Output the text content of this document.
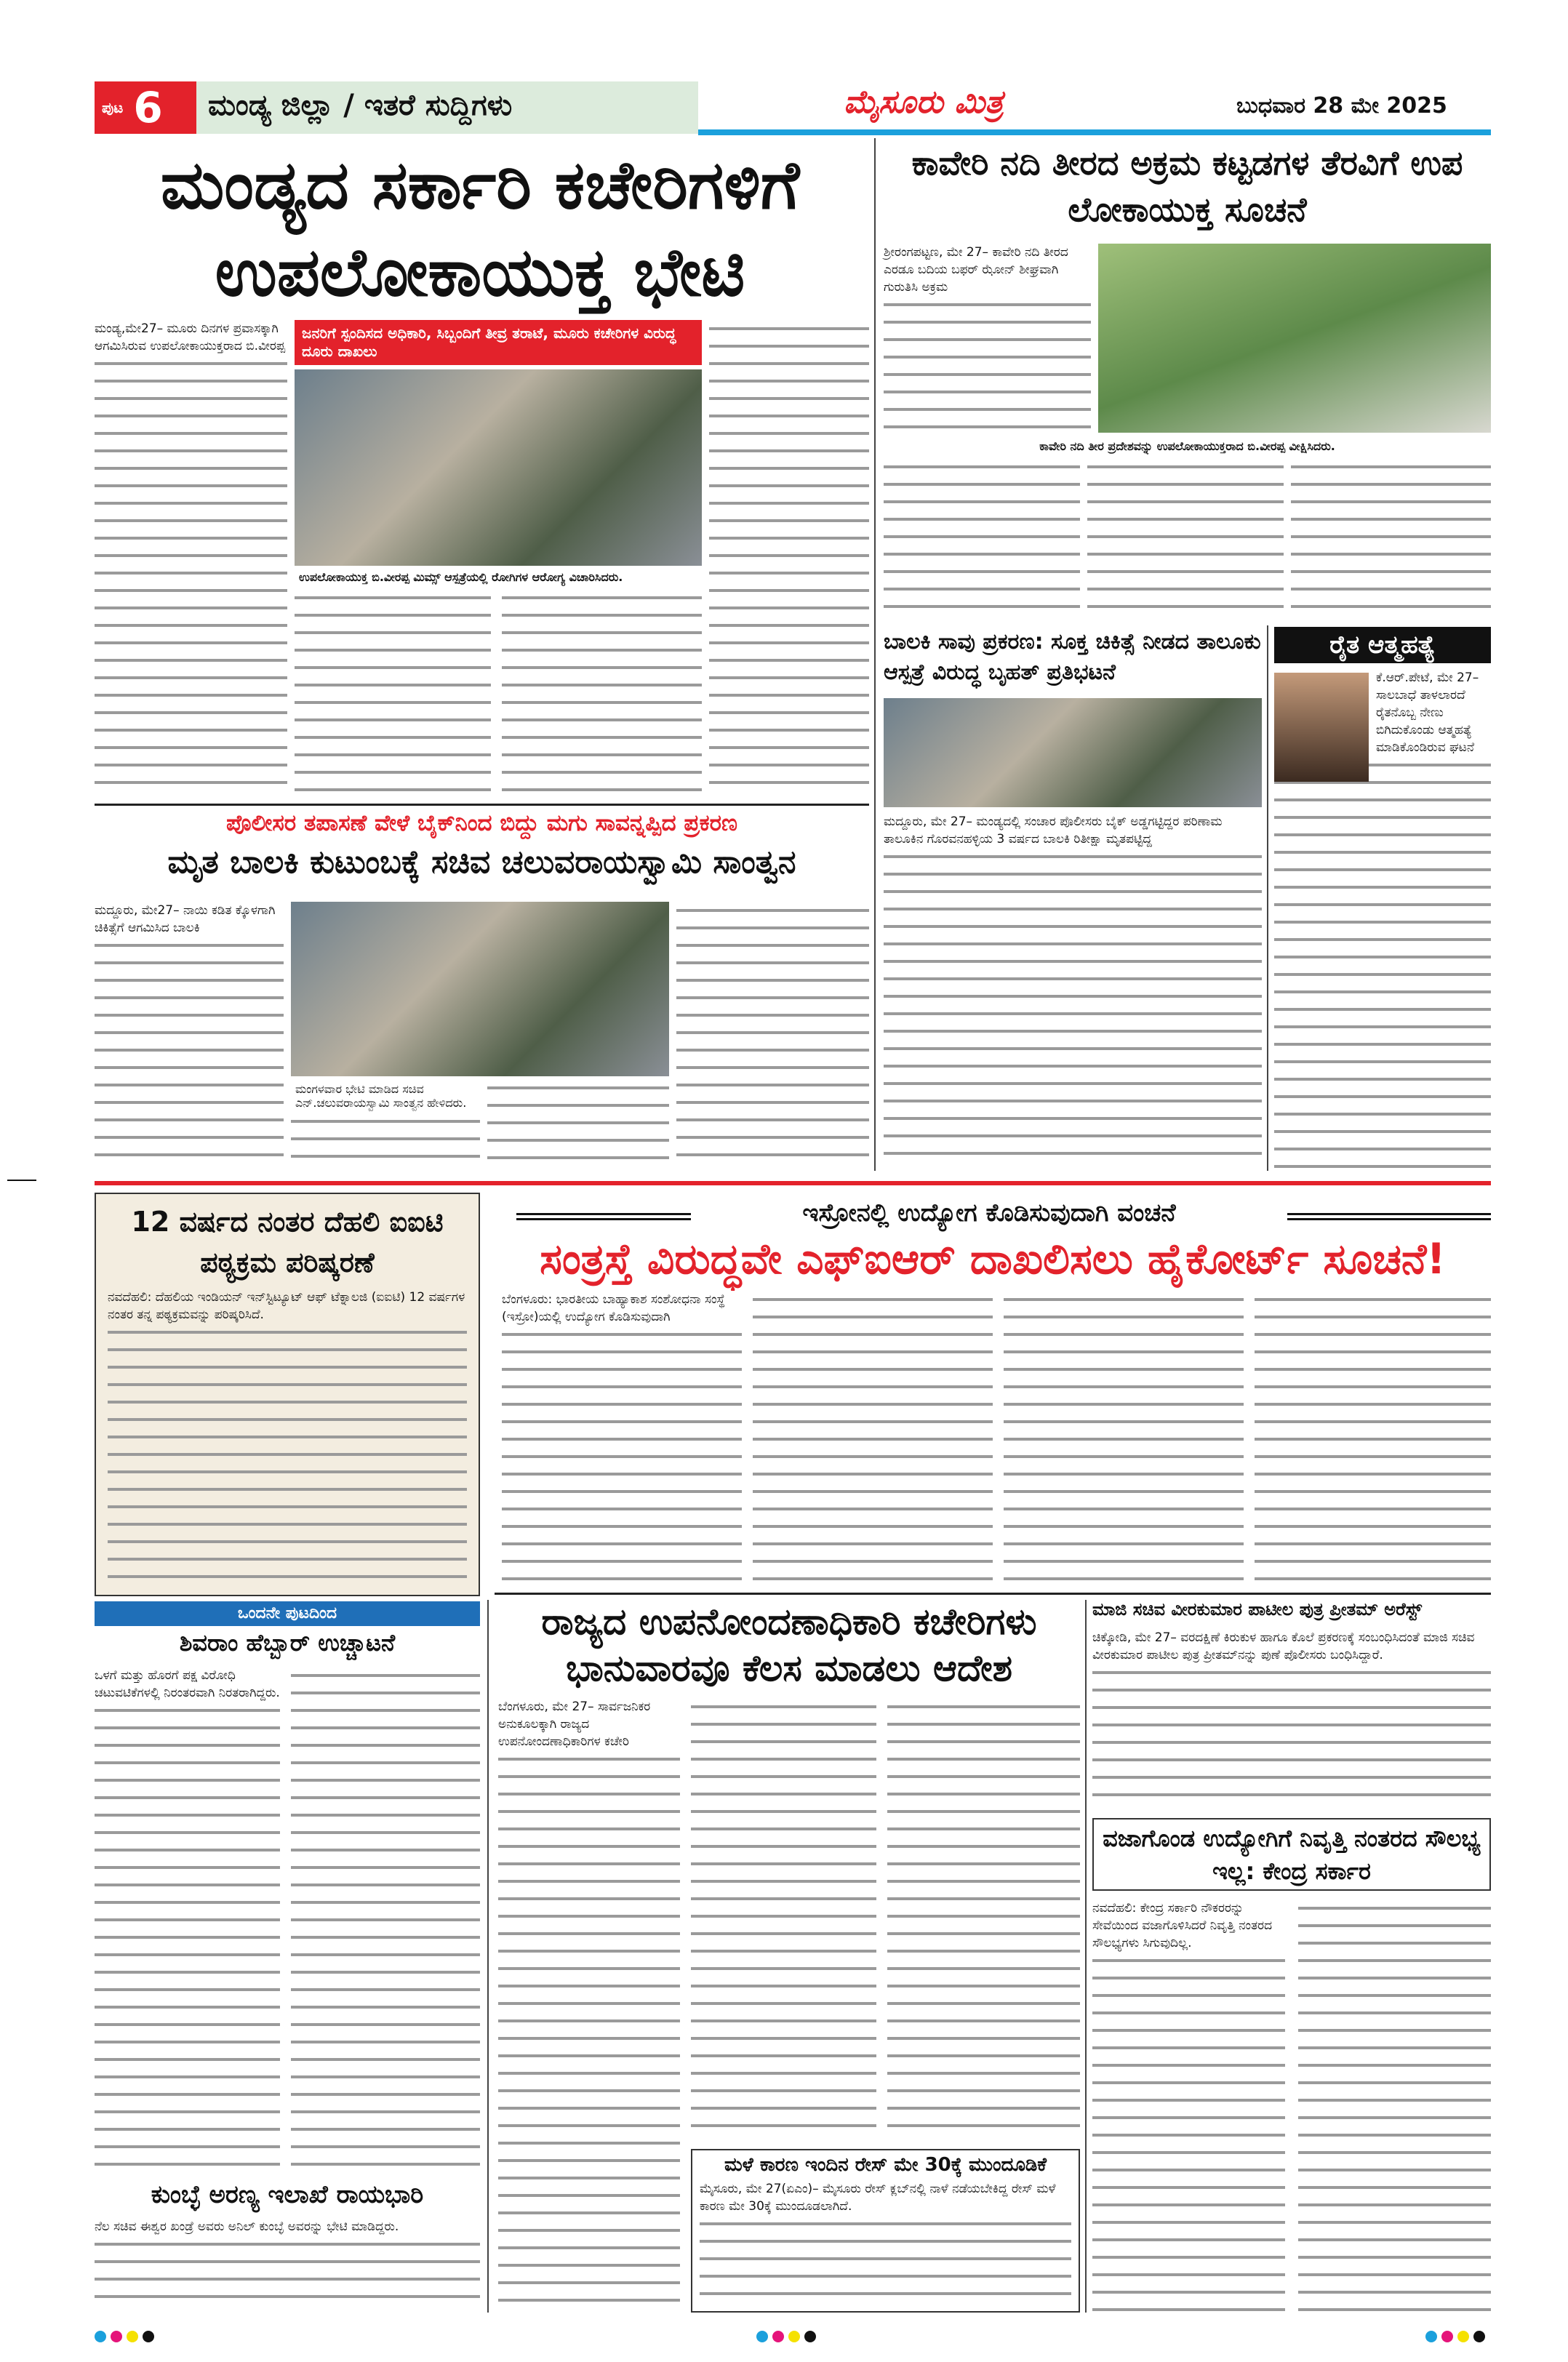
ಪುಟ 6	ಮಂಡ್ಯ ಜಿಲ್ಲಾ / ಇತರೆ ಸುದ್ದಿಗಳು	ಮೈಸೂರು ಮಿತ್ರ	ಬುಧವಾರ 28 ಮೇ 2025
ಮಂಡ್ಯದ ಸರ್ಕಾರಿ ಕಚೇರಿಗಳಿಗೆ ಉಪಲೋಕಾಯುಕ್ತ ಭೇಟಿ
ಮಂಡ್ಯ,ಮೇ27– ಮೂರು ದಿನಗಳ ಪ್ರವಾಸಕ್ಕಾಗಿ ಆಗಮಿಸಿರುವ ಉಪಲೋಕಾಯುಕ್ತರಾದ ಬಿ.ವೀರಪ್ಪ
ಜನರಿಗೆ ಸ್ಪಂದಿಸದ ಅಧಿಕಾರಿ, ಸಿಬ್ಬಂದಿಗೆ ತೀವ್ರ ತರಾಟೆ, ಮೂರು ಕಚೇರಿಗಳ ವಿರುದ್ಧ ದೂರು ದಾಖಲು
ಉಪಲೋಕಾಯುಕ್ತ ಬಿ.ವೀರಪ್ಪ ಮಿಮ್ಸ್ ಆಸ್ಪತ್ರೆಯಲ್ಲಿ ರೋಗಿಗಳ ಆರೋಗ್ಯ ವಿಚಾರಿಸಿದರು.
ಕಾವೇರಿ ನದಿ ತೀರದ ಅಕ್ರಮ ಕಟ್ಟಡಗಳ ತೆರವಿಗೆ ಉಪ ಲೋಕಾಯುಕ್ತ ಸೂಚನೆ
ಶ್ರೀರಂಗಪಟ್ಟಣ, ಮೇ 27– ಕಾವೇರಿ ನದಿ ತೀರದ ಎರಡೂ ಬದಿಯ ಬಫರ್ ಝೋನ್ ಶೀಘ್ರವಾಗಿ ಗುರುತಿಸಿ ಅಕ್ರಮ
ಕಾವೇರಿ ನದಿ ತೀರ ಪ್ರದೇಶವನ್ನು ಉಪಲೋಕಾಯುಕ್ತರಾದ ಬಿ.ವೀರಪ್ಪ ವೀಕ್ಷಿಸಿದರು.
ಬಾಲಕಿ ಸಾವು ಪ್ರಕರಣ: ಸೂಕ್ತ ಚಿಕಿತ್ಸೆ ನೀಡದ ತಾಲೂಕು ಆಸ್ಪತ್ರೆ ವಿರುದ್ಧ ಬೃಹತ್ ಪ್ರತಿಭಟನೆ
ಮದ್ದೂರು, ಮೇ 27– ಮಂಡ್ಯದಲ್ಲಿ ಸಂಚಾರ ಪೊಲೀಸರು ಬೈಕ್ ಅಡ್ಡಗಟ್ಟಿದ್ದರ ಪರಿಣಾಮ ತಾಲೂಕಿನ ಗೊರವನಹಳ್ಳಿಯ 3 ವರ್ಷದ ಬಾಲಕಿ ರಿತೀಕ್ಷಾ ಮೃತಪಟ್ಟಿದ್ದ
ರೈತ ಆತ್ಮಹತ್ಯೆ
ಕೆ.ಆರ್.ಪೇಟೆ, ಮೇ 27– ಸಾಲಬಾಧೆ ತಾಳಲಾರದೆ ರೈತನೊಬ್ಬ ನೇಣು ಬಿಗಿದುಕೊಂಡು ಆತ್ಮಹತ್ಯೆ ಮಾಡಿಕೊಂಡಿರುವ ಘಟನೆ
ಪೊಲೀಸರ ತಪಾಸಣೆ ವೇಳೆ ಬೈಕ್‌ನಿಂದ ಬಿದ್ದು ಮಗು ಸಾವನ್ನಪ್ಪಿದ ಪ್ರಕರಣ
ಮೃತ ಬಾಲಕಿ ಕುಟುಂಬಕ್ಕೆ ಸಚಿವ ಚಲುವರಾಯಸ್ವಾಮಿ ಸಾಂತ್ವನ
ಮದ್ದೂರು, ಮೇ27– ನಾಯಿ ಕಡಿತ ಕ್ಕೊಳಗಾಗಿ ಚಿಕಿತ್ಸೆಗೆ ಆಗಮಿಸಿದ ಬಾಲಕಿ
ಮಂಗಳವಾರ ಭೇಟಿ ಮಾಡಿದ ಸಚಿವ ಎನ್.ಚಲುವರಾಯಸ್ವಾಮಿ ಸಾಂತ್ವನ ಹೇಳಿದರು.
12 ವರ್ಷದ ನಂತರ ದೆಹಲಿ ಐಐಟಿ ಪಠ್ಯಕ್ರಮ ಪರಿಷ್ಕರಣೆ
ನವದೆಹಲಿ: ದೆಹಲಿಯ ಇಂಡಿಯನ್ ಇನ್‌ಸ್ಟಿಟ್ಯೂಟ್ ಆಫ್ ಟೆಕ್ನಾಲಜಿ (ಐಐಟಿ) 12 ವರ್ಷಗಳ ನಂತರ ತನ್ನ ಪಠ್ಯಕ್ರಮವನ್ನು ಪರಿಷ್ಕರಿಸಿದೆ.
ಇಸ್ರೋನಲ್ಲಿ ಉದ್ಯೋಗ ಕೊಡಿಸುವುದಾಗಿ ವಂಚನೆ
ಸಂತ್ರಸ್ತೆ ವಿರುದ್ಧವೇ ಎಫ್‌ಐಆರ್ ದಾಖಲಿಸಲು ಹೈಕೋರ್ಟ್ ಸೂಚನೆ!
ಬೆಂಗಳೂರು: ಭಾರತೀಯ ಬಾಹ್ಯಾಕಾಶ ಸಂಶೋಧನಾ ಸಂಸ್ಥೆ (ಇಸ್ರೋ)ಯಲ್ಲಿ ಉದ್ಯೋಗ ಕೊಡಿಸುವುದಾಗಿ
ಒಂದನೇ ಪುಟದಿಂದ
ಶಿವರಾಂ ಹೆಬ್ಬಾರ್ ಉಚ್ಚಾಟನೆ
ಒಳಗೆ ಮತ್ತು ಹೊರಗೆ ಪಕ್ಷ ವಿರೋಧಿ ಚಟುವಟಿಕೆಗಳಲ್ಲಿ ನಿರಂತರವಾಗಿ ನಿರತರಾಗಿದ್ದರು.
ಕುಂಬ್ಳೆ ಅರಣ್ಯ ಇಲಾಖೆ ರಾಯಭಾರಿ
ನೆಲ ಸಚಿವ ಈಶ್ವರ ಖಂಡ್ರೆ ಅವರು ಅನಿಲ್ ಕುಂಬ್ಳೆ ಅವರನ್ನು ಭೇಟಿ ಮಾಡಿದ್ದರು.
ರಾಜ್ಯದ ಉಪನೋಂದಣಾಧಿಕಾರಿ ಕಚೇರಿಗಳು ಭಾನುವಾರವೂ ಕೆಲಸ ಮಾಡಲು ಆದೇಶ
ಬೆಂಗಳೂರು, ಮೇ 27– ಸಾರ್ವಜನಿಕರ ಅನುಕೂಲಕ್ಕಾಗಿ ರಾಜ್ಯದ ಉಪನೋಂದಣಾಧಿಕಾರಿಗಳ ಕಚೇರಿ
ಮಳೆ ಕಾರಣ ಇಂದಿನ ರೇಸ್ ಮೇ 30ಕ್ಕೆ ಮುಂದೂಡಿಕೆ
ಮೈಸೂರು, ಮೇ 27(ಏಎಂ)– ಮೈಸೂರು ರೇಸ್ ಕ್ಲಬ್‌ನಲ್ಲಿ ನಾಳೆ ನಡೆಯಬೇಕಿದ್ದ ರೇಸ್ ಮಳೆ ಕಾರಣ ಮೇ 30ಕ್ಕೆ ಮುಂದೂಡಲಾಗಿದೆ.
ಮಾಜಿ ಸಚಿವ ವೀರಕುಮಾರ ಪಾಟೀಲ ಪುತ್ರ ಪ್ರೀತಮ್ ಅರೆಸ್ಟ್
ಚಿಕ್ಕೋಡಿ, ಮೇ 27– ವರದಕ್ಷಿಣೆ ಕಿರುಕುಳ ಹಾಗೂ ಕೊಲೆ ಪ್ರಕರಣಕ್ಕೆ ಸಂಬಂಧಿಸಿದಂತೆ ಮಾಜಿ ಸಚಿವ ವೀರಕುಮಾರ ಪಾಟೀಲ ಪುತ್ರ ಪ್ರೀತಮ್‌ನನ್ನು ಪುಣೆ ಪೊಲೀಸರು ಬಂಧಿಸಿದ್ದಾರೆ.
ವಜಾಗೊಂಡ ಉದ್ಯೋಗಿಗೆ ನಿವೃತ್ತಿ ನಂತರದ ಸೌಲಭ್ಯ ಇಲ್ಲ: ಕೇಂದ್ರ ಸರ್ಕಾರ
ನವದೆಹಲಿ: ಕೇಂದ್ರ ಸರ್ಕಾರಿ ನೌಕರರನ್ನು ಸೇವೆಯಿಂದ ವಜಾಗೊಳಿಸಿದರೆ ನಿವೃತ್ತಿ ನಂತರದ ಸೌಲಭ್ಯಗಳು ಸಿಗುವುದಿಲ್ಲ.
